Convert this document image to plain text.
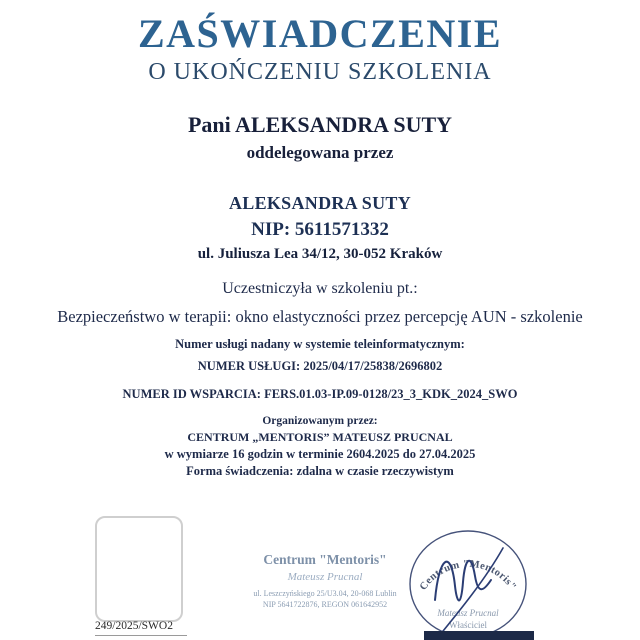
ZAŚWIADCZENIE
O UKOŃCZENIU SZKOLENIA
Pani ALEKSANDRA SUTY
oddelegowana przez
ALEKSANDRA SUTY
NIP: 5611571332
ul. Juliusza Lea 34/12, 30-052 Kraków
Uczestniczyła w szkoleniu pt.:
Bezpieczeństwo w terapii: okno elastyczności przez percepcję AUN - szkolenie
Numer usługi nadany w systemie teleinformatycznym:
NUMER USŁUGI: 2025/04/17/25838/2696802
NUMER ID WSPARCIA: FERS.01.03-IP.09-0128/23_3_KDK_2024_SWO
Organizowanym przez:
CENTRUM „MENTORIS” MATEUSZ PRUCNAL
w wymiarze 16 godzin w terminie 2604.2025 do 27.04.2025
Forma świadczenia: zdalna w czasie rzeczywistym
249/2025/SWO2
Centrum "Mentoris"
Mateusz Prucnal
ul. Leszczyńskiego 25/U3.04, 20-068 Lublin
NIP 5641722876, REGON 061642952
Centrum "Mentoris"
Mateusz Prucnal
Właściciel
